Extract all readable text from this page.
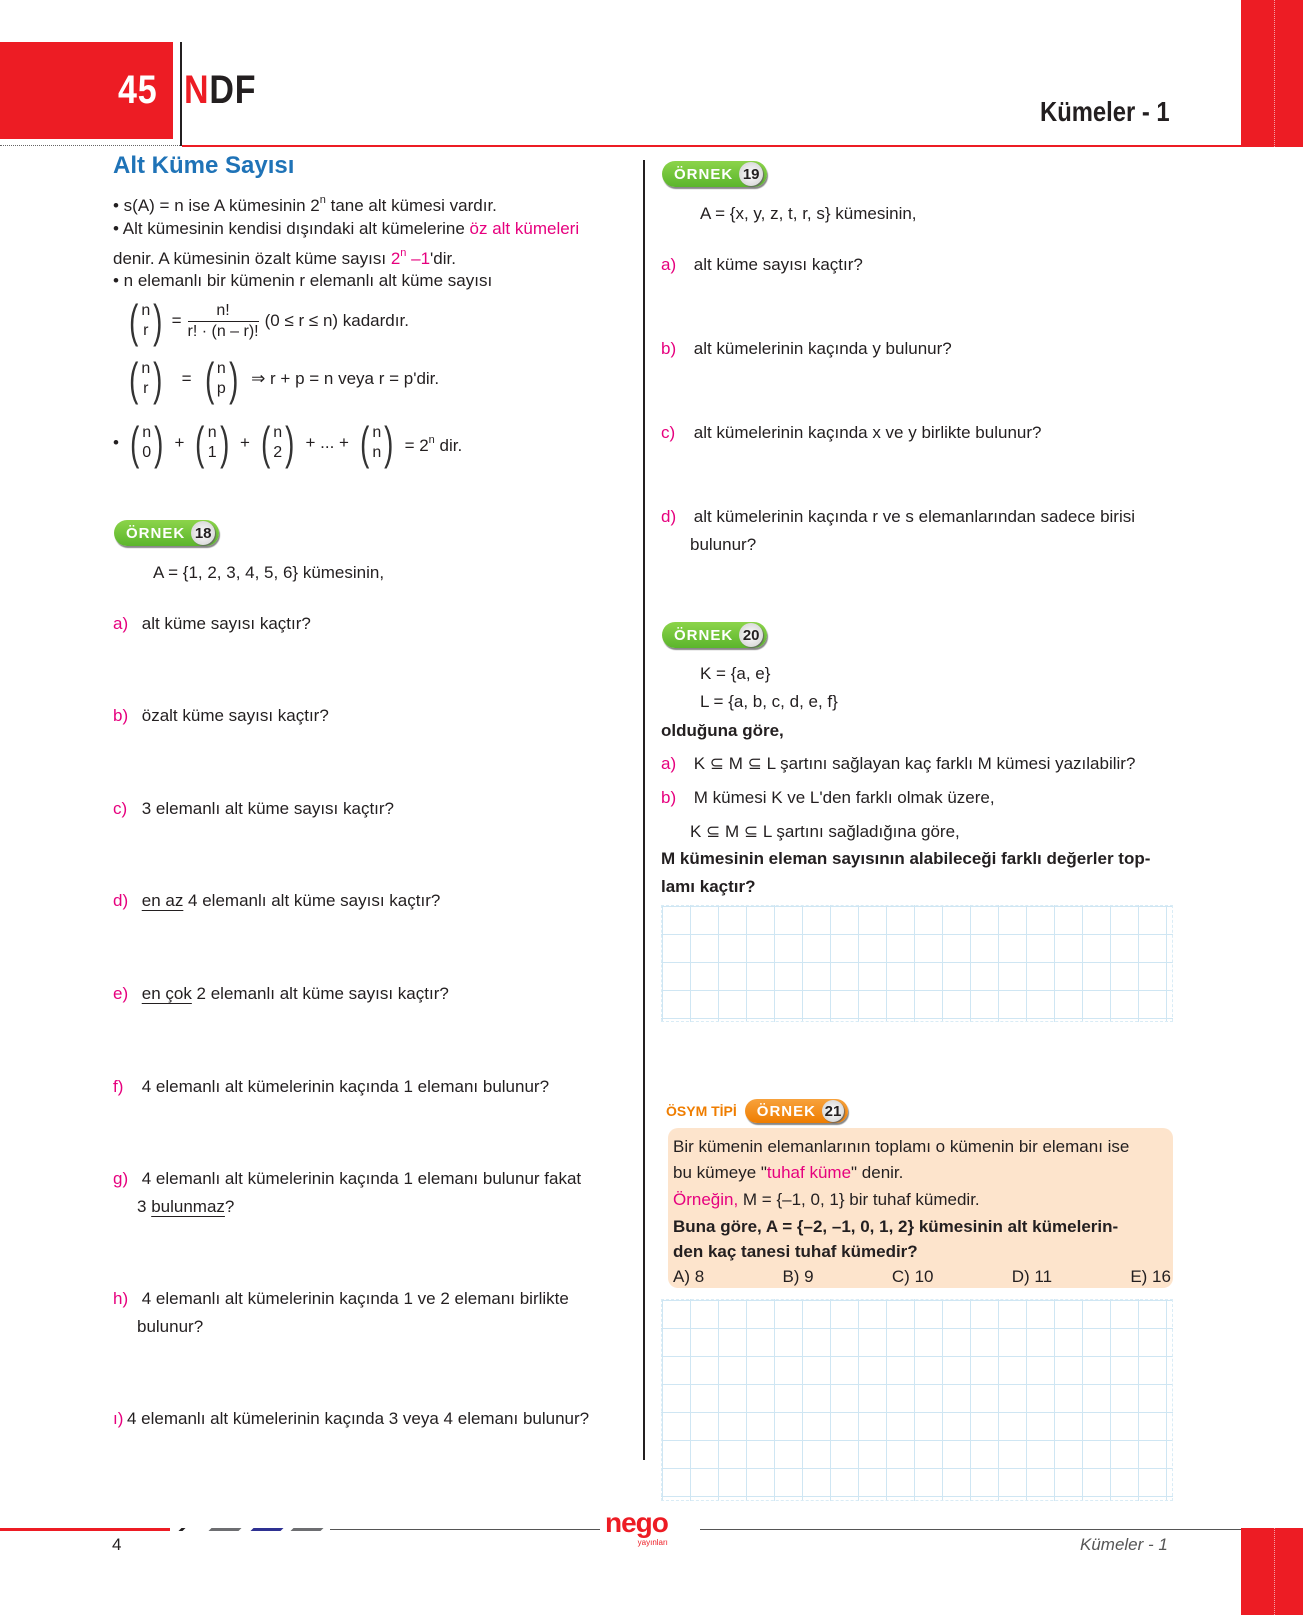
45 NDF	Kümeler - 1
Alt Küme Sayısı
• s(A) = n ise A kümesinin 2$^n$ tane alt kümesi vardır.
• Alt kümesinin kendisi dışındaki alt kümelerine öz alt kümeleri
denir. A kümesinin özalt küme sayısı 2$^n$ –1'dir.
• n elemanlı bir kümenin r elemanlı alt küme sayısı
( n
r ) = $\frac{n!}{r! \cdot (n - r)!} (0 \le r \le n)$ kadardır.
( n
r ) = ( n
p ) ⇒ r + p = n veya r = p'dir.
• ( n
0 ) + ( n
1 ) + ( n
2 ) + ... + ( n
n ) = $2^n$ dir.
ÖRNEK 18
A = {1, 2, 3, 4, 5, 6} kümesinin,
a) alt küme sayısı kaçtır?
b) özalt küme sayısı kaçtır?
c) 3 elemanlı alt küme sayısı kaçtır?
d) en az 4 elemanlı alt küme sayısı kaçtır?
e) en çok 2 elemanlı alt küme sayısı kaçtır?
f) 4 elemanlı alt kümelerinin kaçında 1 elemanı bulunur?
g) 4 elemanlı alt kümelerinin kaçında 1 elemanı bulunur fakat
3 bulunmaz?
h) 4 elemanlı alt kümelerinin kaçında 1 ve 2 elemanı birlikte
bulunur?
ı) 4 elemanlı alt kümelerinin kaçında 3 veya 4 elemanı bulunur?
ÖRNEK 19
A = {x, y, z, t, r, s} kümesinin,
a) alt küme sayısı kaçtır?
b) alt kümelerinin kaçında y bulunur?
c) alt kümelerinin kaçında x ve y birlikte bulunur?
d) alt kümelerinin kaçında r ve s elemanlarından sadece birisi
bulunur?
ÖRNEK 20
K = {a, e}
L = {a, b, c, d, e, f}
olduğuna göre,
a) K ⊆ M ⊆ L şartını sağlayan kaç farklı M kümesi yazılabilir?
b) M kümesi K ve L'den farklı olmak üzere,
K ⊆ M ⊆ L şartını sağladığına göre,
M kümesinin eleman sayısının alabileceği farklı değerler top-
lamı kaçtır?
ÖSYM TİPİ ÖRNEK 21
Bir kümenin elemanlarının toplamı o kümenin bir elemanı ise
bu kümeye "tuhaf küme" denir.
Örneğin, M = {–1, 0, 1} bir tuhaf kümedir.
Buna göre, A = {–2, –1, 0, 1, 2} kümesinin alt kümelerin-
den kaç tanesi tuhaf kümedir?
A) 8	B) 9	C) 10	D) 11	E) 16
4
nego
yayınları	Kümeler - 1
